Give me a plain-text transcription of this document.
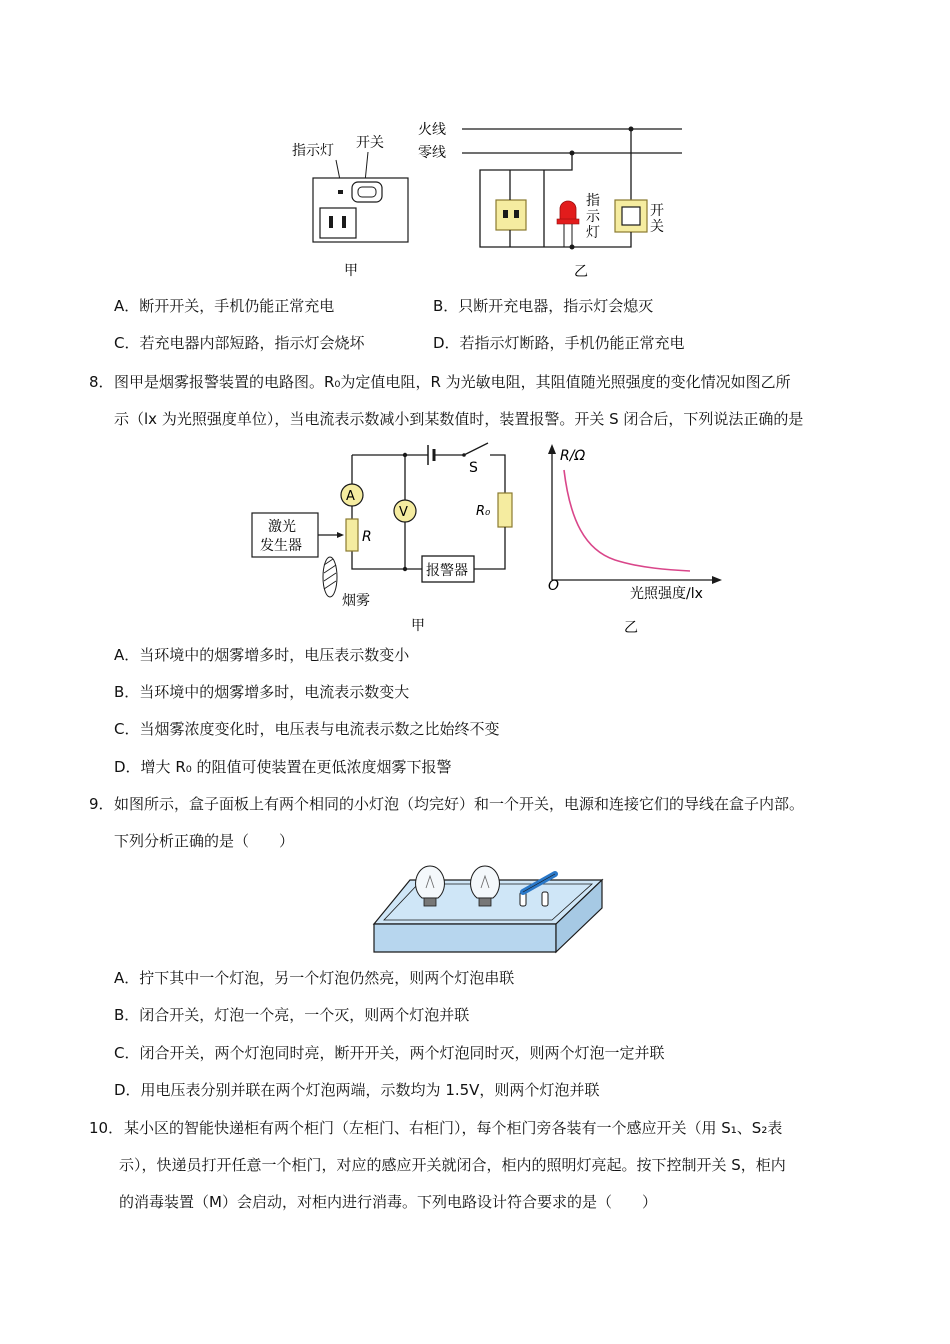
指示灯 开关
甲
火线
零线
指
示
灯
开
关
乙
A．断开开关，手机仍能正常充电	B．只断开充电器，指示灯会熄灭
C．若充电器内部短路，指示灯会烧坏	D．若指示灯断路，手机仍能正常充电
8． 图甲是烟雾报警装置的电路图。R₀为定值电阻，R 为光敏电阻，其阻值随光照强度的变化情况如图乙所
示（lx 为光照强度单位），当电流表示数减小到某数值时，装置报警。开关 S 闭合后，下列说法正确的是
S
R₀
报警器
A
R
V
激光
发生器
烟雾
甲
R/Ω
O	光照强度/lx
乙
A．当环境中的烟雾增多时，电压表示数变小
B．当环境中的烟雾增多时，电流表示数变大
C．当烟雾浓度变化时，电压表与电流表示数之比始终不变
D．增大 R₀ 的阻值可使装置在更低浓度烟雾下报警
9． 如图所示，盒子面板上有两个相同的小灯泡（均完好）和一个开关，电源和连接它们的导线在盒子内部。
下列分析正确的是（　　）
A．拧下其中一个灯泡，另一个灯泡仍然亮，则两个灯泡串联
B．闭合开关，灯泡一个亮，一个灭，则两个灯泡并联
C．闭合开关，两个灯泡同时亮，断开开关，两个灯泡同时灭，则两个灯泡一定并联
D．用电压表分别并联在两个灯泡两端，示数均为 1.5V，则两个灯泡并联
10． 某小区的智能快递柜有两个柜门（左柜门、右柜门），每个柜门旁各装有一个感应开关（用 S₁、S₂表
示），快递员打开任意一个柜门，对应的感应开关就闭合，柜内的照明灯亮起。按下控制开关 S，柜内
的消毒装置（M）会启动，对柜内进行消毒。下列电路设计符合要求的是（　　）
